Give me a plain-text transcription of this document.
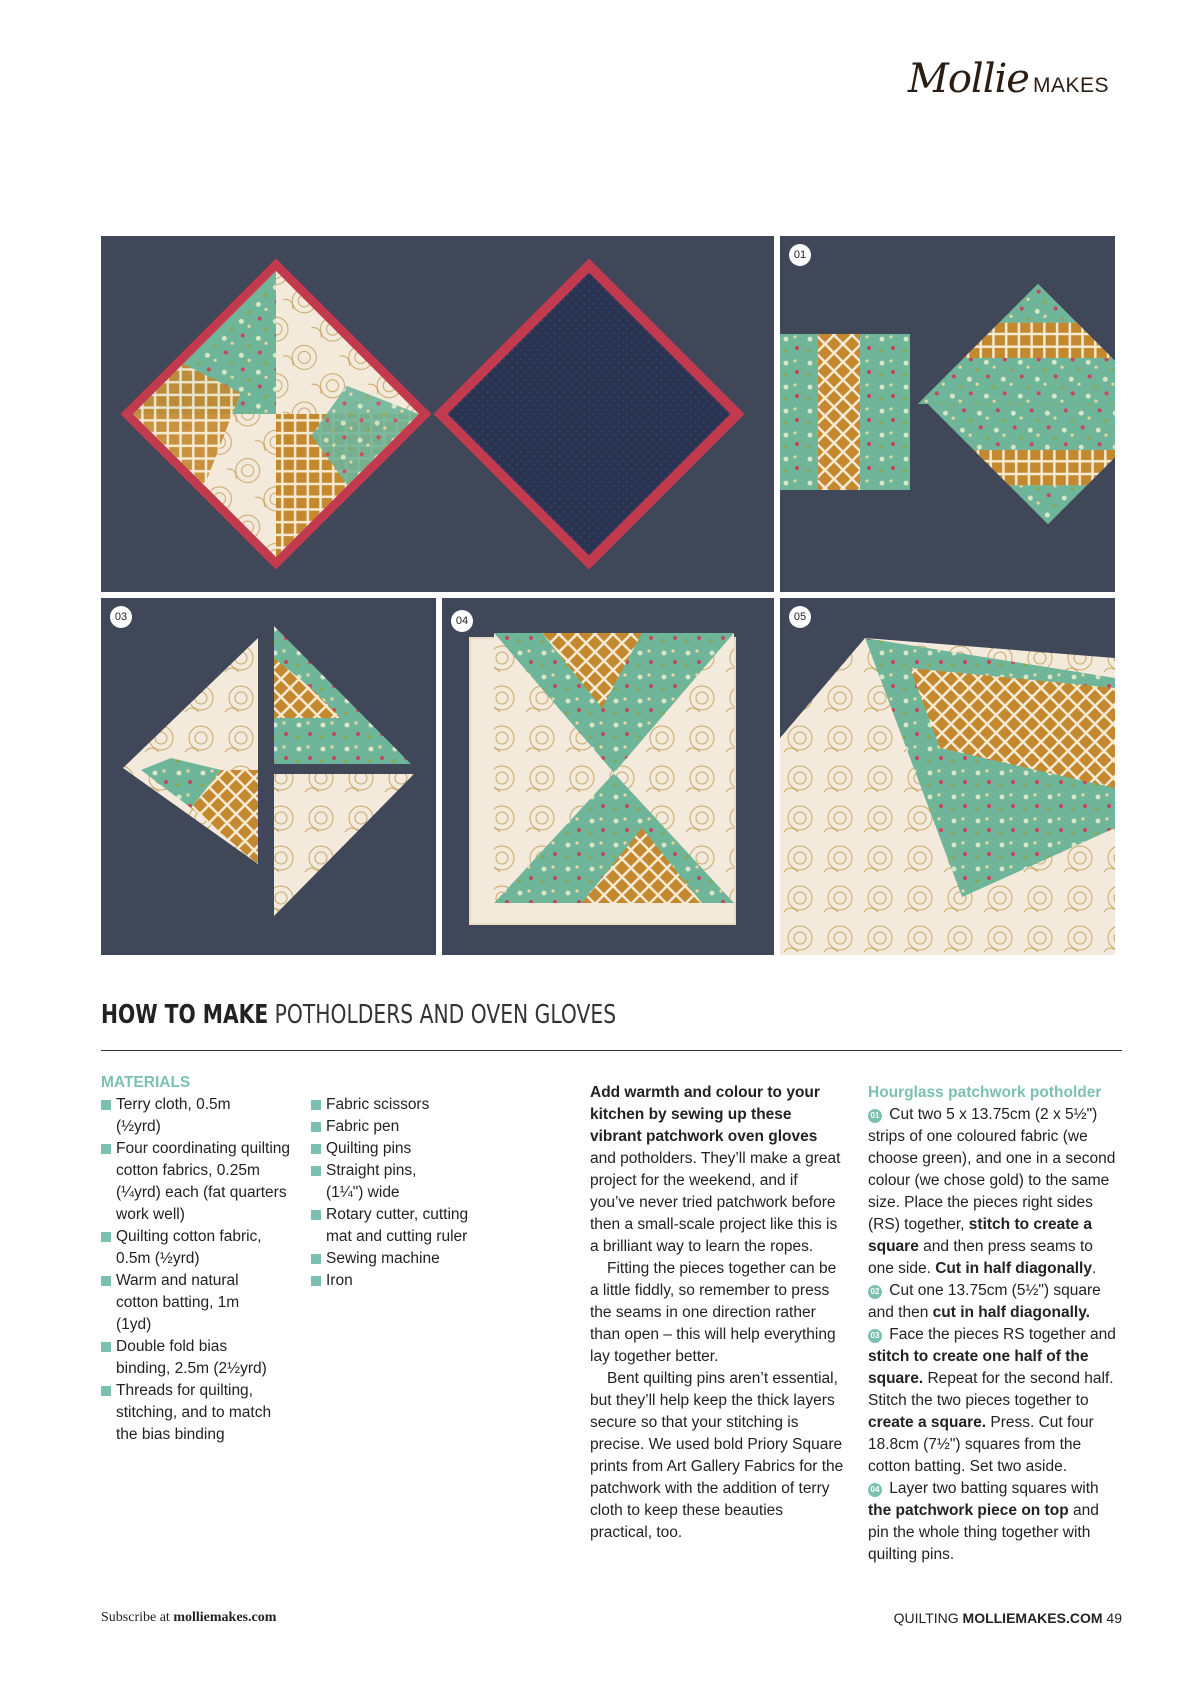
Mollie MAKES
01
03	04	05
HOW TO MAKE POTHOLDERS AND OVEN GLOVES

MATERIALS

Terry cloth, 0.5m (½yrd)
Four coordinating quilting cotton fabrics, 0.25m (¼yrd) each (fat quarters work well)
Quilting cotton fabric, 0.5m (½yrd)
Warm and natural cotton batting, 1m (1yd)
Double fold bias binding, 2.5m (2½yrd)
Threads for quilting, stitching, and to match the bias binding
Fabric scissors
Fabric pen
Quilting pins
Straight pins, (1¼") wide
Rotary cutter, cutting mat and cutting ruler
Sewing machine
Iron

Add warmth and colour to your kitchen by sewing up these vibrant patchwork oven gloves and potholders. They’ll make a great project for the weekend, and if you’ve never tried patchwork before then a small-scale project like this is a brilliant way to learn the ropes.

Fitting the pieces together can be a little fiddly, so remember to press the seams in one direction rather than open – this will help everything lay together better.

Bent quilting pins aren’t essential, but they’ll help keep the thick layers secure so that your stitching is precise. We used bold Priory Square prints from Art Gallery Fabrics for the patchwork with the addition of terry cloth to keep these beauties practical, too.

Hourglass patchwork potholder

01 Cut two 5 x 13.75cm (2 x 5½") strips of one coloured fabric (we choose green), and one in a second colour (we chose gold) to the same size. Place the pieces right sides (RS) together, stitch to create a square and then press seams to one side. Cut in half diagonally.

02 Cut one 13.75cm (5½") square and then cut in half diagonally.

03 Face the pieces RS together and stitch to create one half of the square. Repeat for the second half. Stitch the two pieces together to create a square. Press. Cut four 18.8cm (7½") squares from the cotton batting. Set two aside.

04 Layer two batting squares with the patchwork piece on top and pin the whole thing together with quilting pins.

Subscribe at molliemakes.com	QUILTING MOLLIEMAKES.COM 49
